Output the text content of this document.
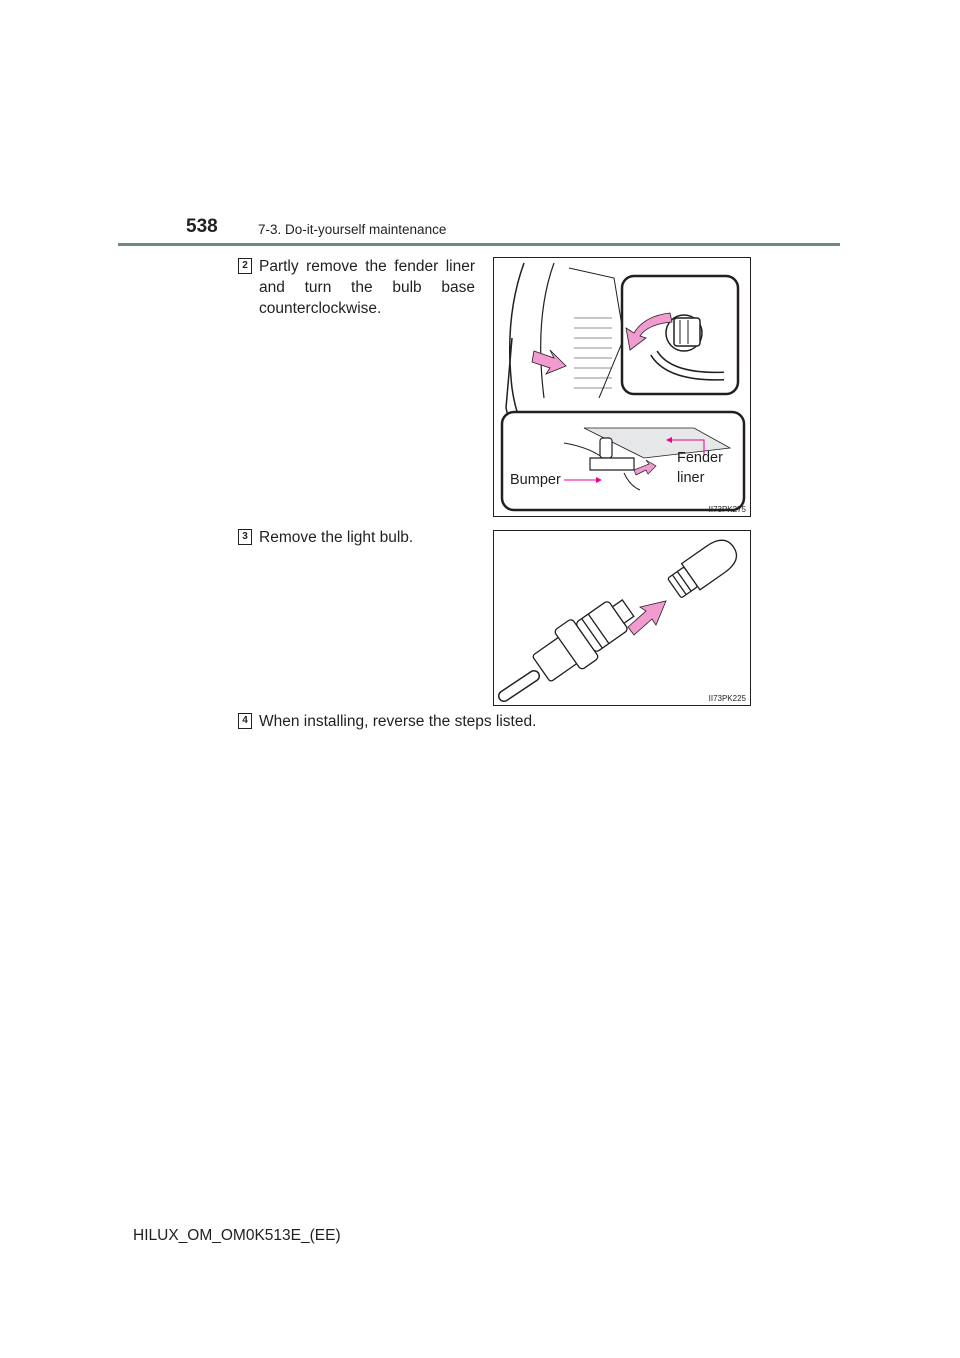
538	7-3. Do-it-yourself maintenance
2 Partly remove the fender liner and turn the bulb base counterclockwise.
Bumper
Fender liner
II73PK275
3 Remove the light bulb.
II73PK225
4 When installing, reverse the steps listed.
HILUX_OM_OM0K513E_(EE)
